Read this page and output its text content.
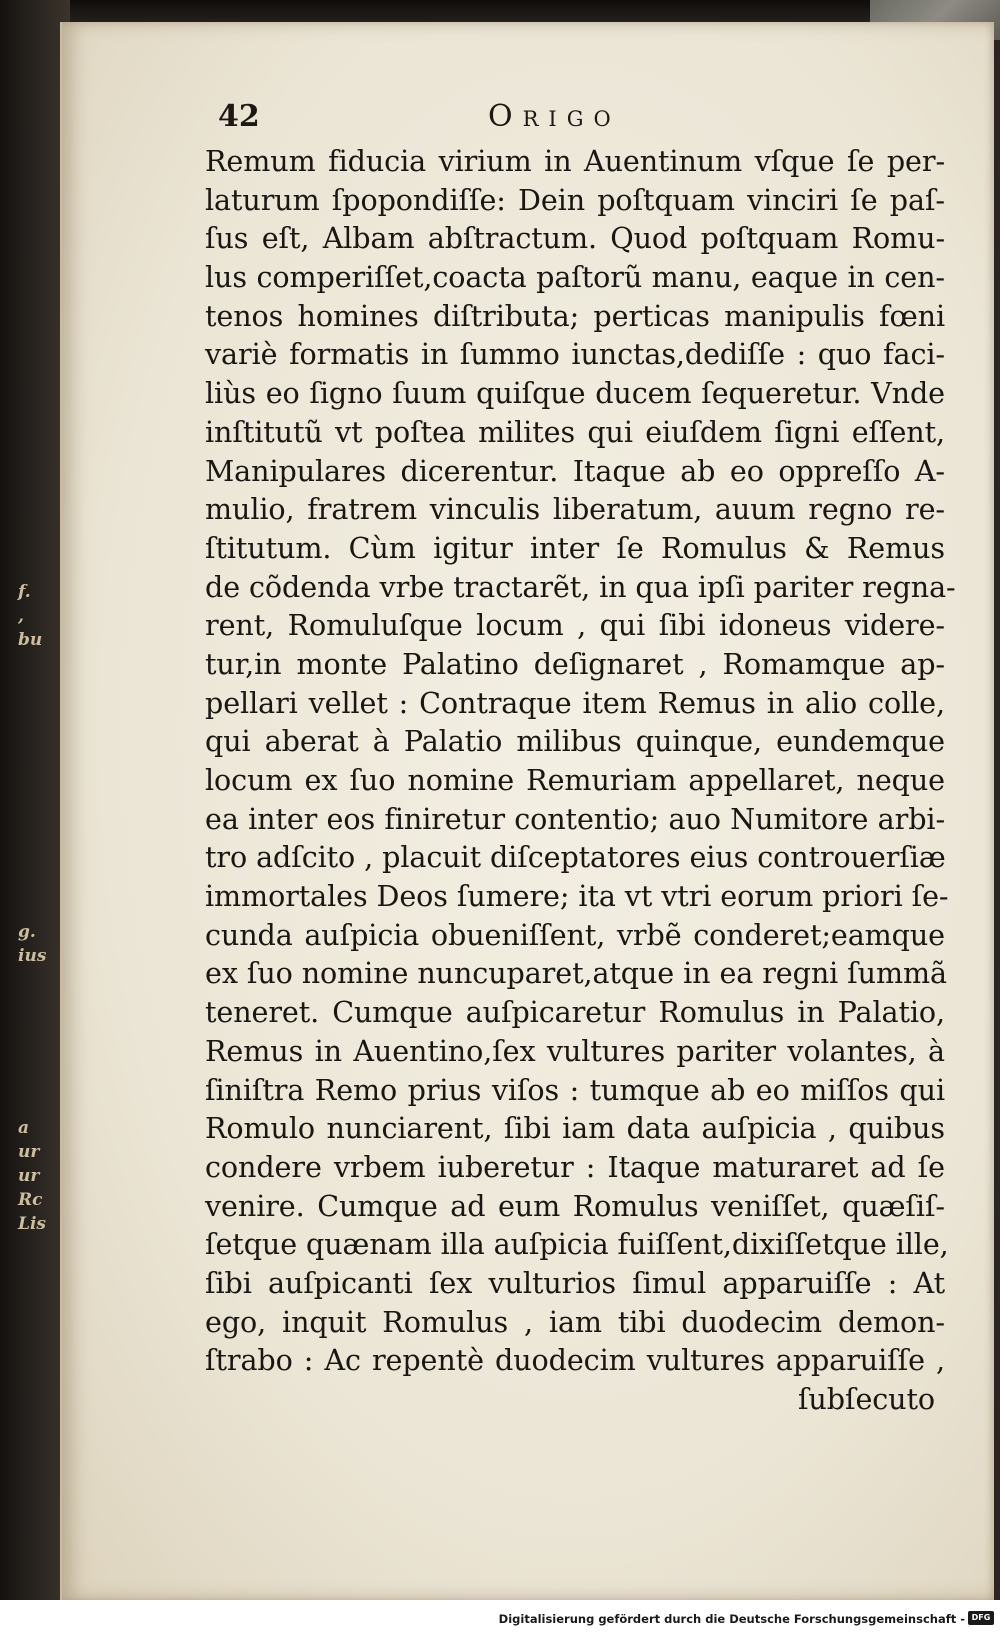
f.
,
bu
g.
ius
a
ur
ur
Rc
Lis
42	Origo
Remum fiducia virium in Auentinum vſque ſe per-
laturum ſpopondiſſe: Dein poſtquam vinciri ſe paſ-
ſus eſt, Albam abſtractum. Quod poſtquam Romu-
lus comperiſſet,coacta paſtorũ manu, eaque in cen-
tenos homines diſtributa; perticas manipulis fœni
variè formatis in ſummo iunctas,dediſſe : quo faci-
liùs eo ſigno ſuum quiſque ducem ſequeretur. Vnde
inſtitutũ vt poſtea milites qui eiuſdem ſigni eſſent,
Manipulares dicerentur. Itaque ab eo oppreſſo A-
mulio, fratrem vinculis liberatum, auum regno re-
ſtitutum. Cùm igitur inter ſe Romulus & Remus
de cõdenda vrbe tractarẽt, in qua ipſi pariter regna-
rent, Romuluſque locum , qui ſibi idoneus videre-
tur,in monte Palatino deſignaret , Romamque ap-
pellari vellet : Contraque item Remus in alio colle,
qui aberat à Palatio milibus quinque, eundemque
locum ex ſuo nomine Remuriam appellaret, neque
ea inter eos finiretur contentio; auo Numitore arbi-
tro adſcito , placuit diſceptatores eius controuerſiæ
immortales Deos ſumere; ita vt vtri eorum priori ſe-
cunda auſpicia obueniſſent, vrbẽ conderet;eamque
ex ſuo nomine nuncuparet,atque in ea regni ſummã
teneret. Cumque auſpicaretur Romulus in Palatio,
Remus in Auentino,ſex vultures pariter volantes, à
ſiniſtra Remo prius viſos : tumque ab eo miſſos qui
Romulo nunciarent, ſibi iam data auſpicia , quibus
condere vrbem iuberetur : Itaque maturaret ad ſe
venire. Cumque ad eum Romulus veniſſet, quæſiſ-
ſetque quænam illa auſpicia fuiſſent,dixiſſetque ille,
ſibi auſpicanti ſex vulturios ſimul apparuiſſe : At
ego, inquit Romulus , iam tibi duodecim demon-
ſtrabo : Ac repentè duodecim vultures apparuiſſe ,
ſubſecuto
Digitalisierung gefördert durch die Deutsche Forschungsgemeinschaft - DFG
